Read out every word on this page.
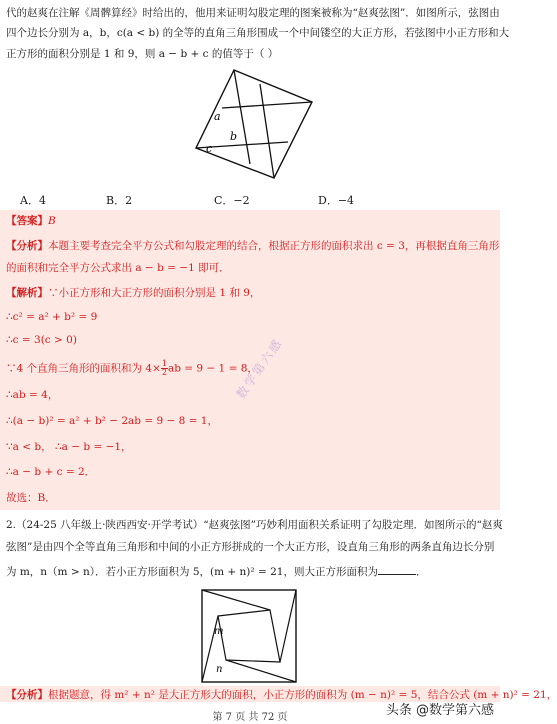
代的赵爽在注解《周髀算经》时给出的，他用来证明勾股定理的图案被称为“赵爽弦图”．如图所示，弦图由
四个边长分别为 a，b，c(a < b) 的全等的直角三角形围成一个中间镂空的大正方形，若弦图中小正方形和大
正方形的面积分别是 1 和 9，则 a − b + c 的值等于（ ）
a
b
c
A．4	B．2	C．−2	D．−4
【答案】B
【分析】本题主要考查完全平方公式和勾股定理的结合，根据正方形的面积求出 c = 3，再根据直角三角形
的面积和完全平方公式求出 a − b = −1 即可．
【解析】∵小正方形和大正方形的面积分别是 1 和 9，
∴c² = a² + b² = 9
∴c = 3(c > 0)
∵4 个直角三角形的面积和为 $4\times \frac{1}{2}$ ab = 9 − 1 = 8，
∴ab = 4，
∴(a − b)² = a² + b² − 2ab = 9 − 8 = 1，
∵a < b， ∴a − b = −1，
∴a − b + c = 2．
故选：B．
数学第六感
2.（24-25 八年级上·陕西西安·开学考试）“赵爽弦图”巧妙利用面积关系证明了勾股定理．如图所示的“赵爽
弦图”是由四个全等直角三角形和中间的小正方形拼成的一个大正方形，设直角三角形的两条直角边长分别
为 m，n（m > n）．若小正方形面积为 5，(m + n)² = 21，则大正方形面积为	．
m
n
【分析】根据题意，得 m² + n² 是大正方形大的面积，小正方形的面积为 (m − n)² = 5，结合公式 (m + n)² = 21，
第 7 页 共 72 页	头条 @数学第六感
